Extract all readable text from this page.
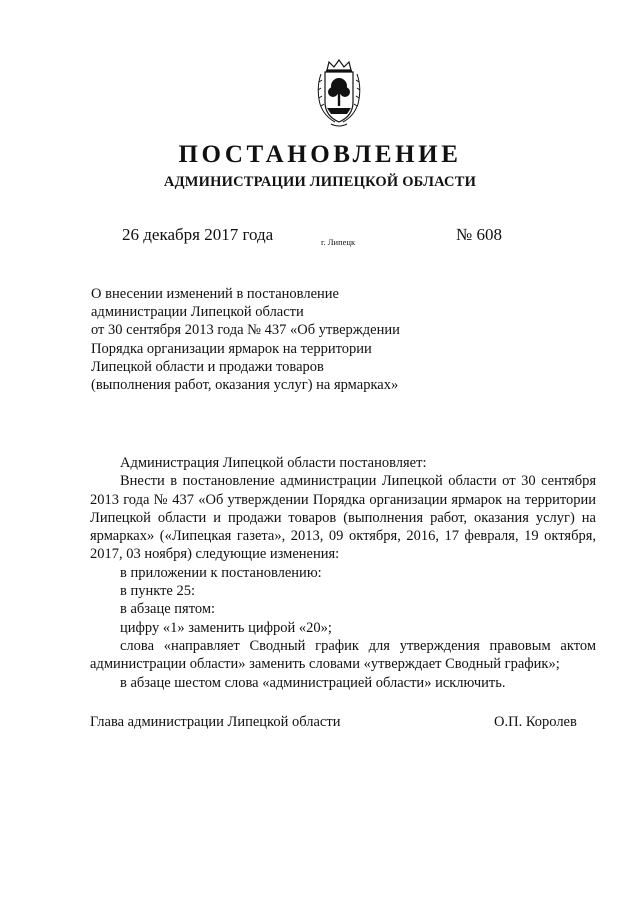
ПОСТАНОВЛЕНИЕ
АДМИНИСТРАЦИИ ЛИПЕЦКОЙ ОБЛАСТИ
26 декабря 2017 года	г. Липецк	№ 608
О внесении изменений в постановление
администрации Липецкой области
от 30 сентября 2013 года № 437 «Об утверждении
Порядка организации ярмарок на территории
Липецкой области и продажи товаров
(выполнения работ, оказания услуг) на ярмарках»

Администрация Липецкой области постановляет:

Внести в постановление администрации Липецкой области от 30 сентября 2013 года № 437 «Об утверждении Порядка организации ярмарок на территории Липецкой области и продажи товаров (выполнения работ, оказания услуг) на ярмарках» («Липецкая газета», 2013, 09 октября, 2016, 17 февраля, 19 октября, 2017, 03 ноября) следующие изменения:

в приложении к постановлению:

в пункте 25:

в абзаце пятом:

цифру «1» заменить цифрой «20»;

слова «направляет Сводный график для утверждения правовым актом администрации области» заменить словами «утверждает Сводный график»;

в абзаце шестом слова «администрацией области» исключить.

Глава администрации Липецкой области	О.П. Королев
